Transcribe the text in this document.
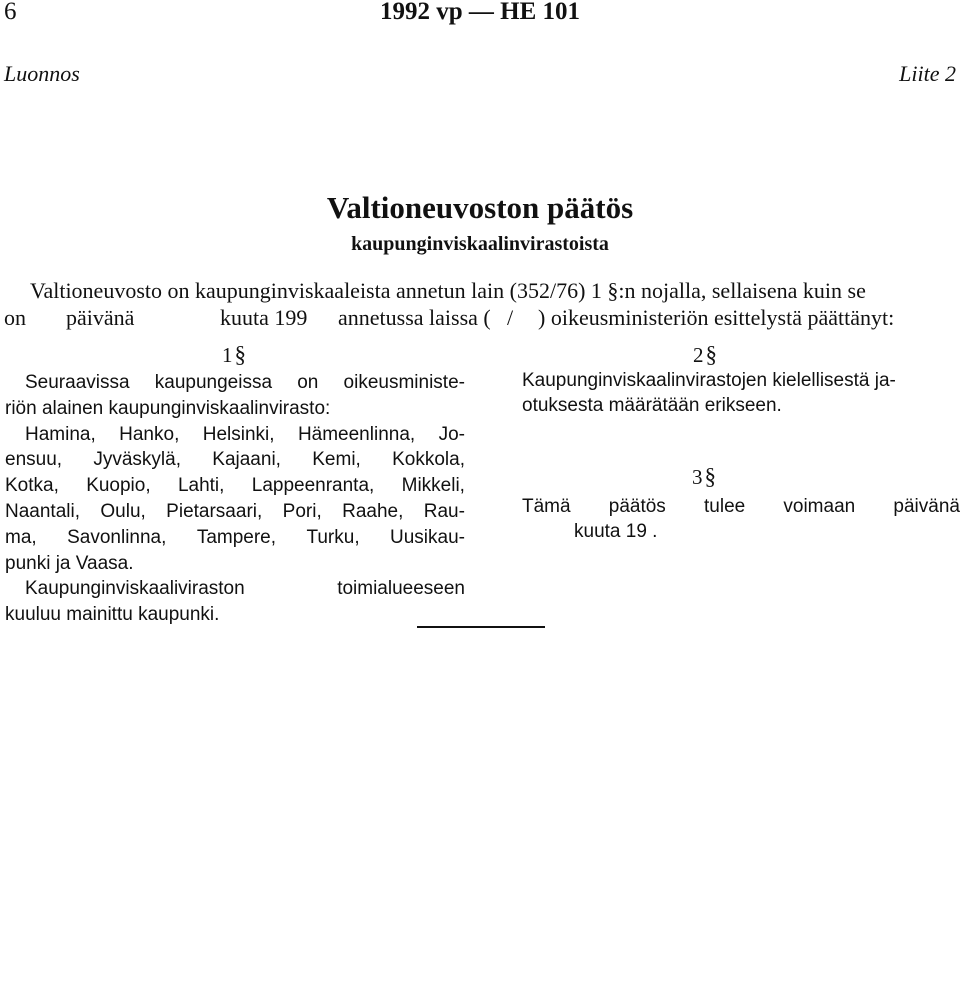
6	1992 vp — HE 101
Luonnos	Liite 2
Valtioneuvoston päätös
kaupunginviskaalinvirastoista
Valtioneuvosto on kaupunginviskaaleista annetun lain (352/76) 1 §:n nojalla, sellaisena kuin se
on päivänä	kuuta 199 annetussa laissa ( / ) oikeusministeriön esittelystä päättänyt:
1§
Seuraavissa kaupungeissa on oikeusministe-
riön alainen kaupunginviskaalinvirasto:
Hamina, Hanko, Helsinki, Hämeenlinna, Jo-
ensuu, Jyväskylä, Kajaani, Kemi, Kokkola,
Kotka, Kuopio, Lahti, Lappeenranta, Mikkeli,
Naantali, Oulu, Pietarsaari, Pori, Raahe, Rau-
ma, Savonlinna, Tampere, Turku, Uusikau-
punki ja Vaasa.
Kaupunginviskaaliviraston	toimialueeseen
kuuluu mainittu kaupunki.
2§
Kaupunginviskaalinvirastojen kielellisestä ja-
otuksesta määrätään erikseen.
3§
Tämä päätös tulee voimaan päivänä
kuuta 19 .
